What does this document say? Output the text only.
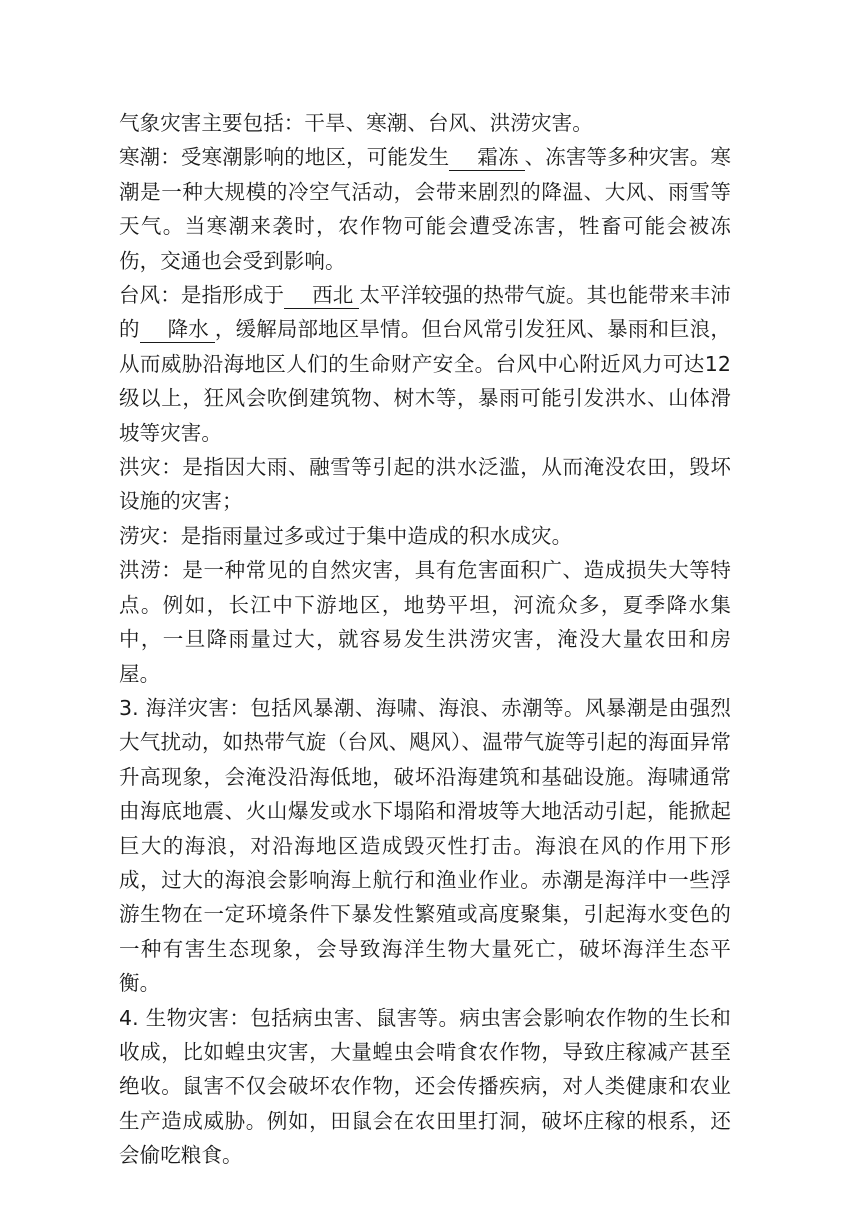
气象灾害主要包括：干旱、寒潮、台风、洪涝灾害。

寒潮：受寒潮影响的地区，可能发生 霜冻 、冻害等多种灾害。寒潮是一种大规模的冷空气活动，会带来剧烈的降温、大风、雨雪等天气。当寒潮来袭时，农作物可能会遭受冻害，牲畜可能会被冻伤，交通也会受到影响。

台风：是指形成于 西北 太平洋较强的热带气旋。其也能带来丰沛的 降水 ，缓解局部地区旱情。但台风常引发狂风、暴雨和巨浪，从而威胁沿海地区人们的生命财产安全。台风中心附近风力可达12级以上，狂风会吹倒建筑物、树木等，暴雨可能引发洪水、山体滑坡等灾害。

洪灾：是指因大雨、融雪等引起的洪水泛滥，从而淹没农田，毁坏设施的灾害；

涝灾：是指雨量过多或过于集中造成的积水成灾。

洪涝：是一种常见的自然灾害，具有危害面积广、造成损失大等特点。例如，长江中下游地区，地势平坦，河流众多，夏季降水集中，一旦降雨量过大，就容易发生洪涝灾害，淹没大量农田和房屋。

3. 海洋灾害：包括风暴潮、海啸、海浪、赤潮等。风暴潮是由强烈大气扰动，如热带气旋（台风、飓风）、温带气旋等引起的海面异常升高现象，会淹没沿海低地，破坏沿海建筑和基础设施。海啸通常由海底地震、火山爆发或水下塌陷和滑坡等大地活动引起，能掀起巨大的海浪，对沿海地区造成毁灭性打击。海浪在风的作用下形成，过大的海浪会影响海上航行和渔业作业。赤潮是海洋中一些浮游生物在一定环境条件下暴发性繁殖或高度聚集，引起海水变色的一种有害生态现象，会导致海洋生物大量死亡，破坏海洋生态平衡。

4. 生物灾害：包括病虫害、鼠害等。病虫害会影响农作物的生长和收成，比如蝗虫灾害，大量蝗虫会啃食农作物，导致庄稼减产甚至绝收。鼠害不仅会破坏农作物，还会传播疾病，对人类健康和农业生产造成威胁。例如，田鼠会在农田里打洞，破坏庄稼的根系，还会偷吃粮食。
